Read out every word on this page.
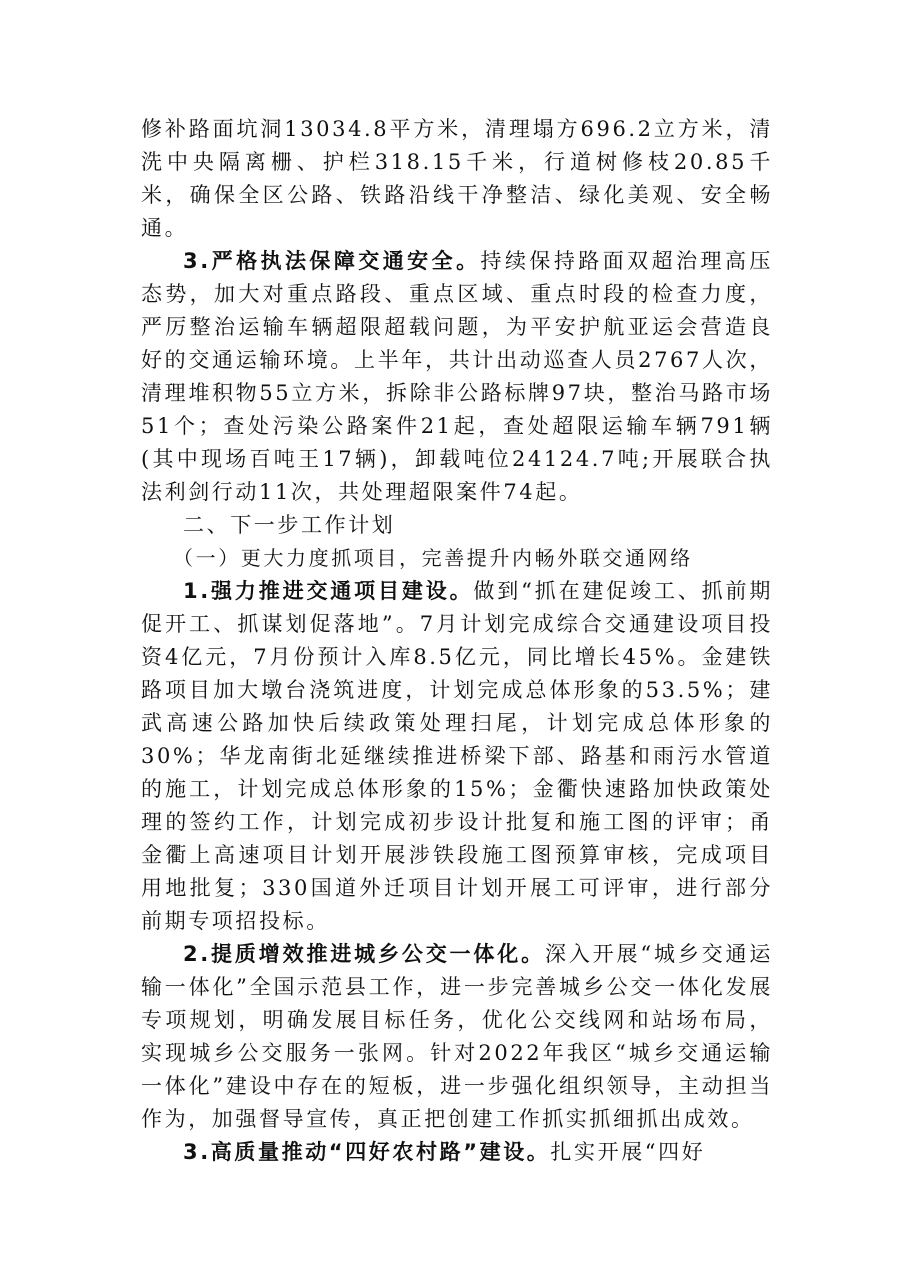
修补路面坑洞13034.8平方米，清理塌方696.2立方米，清洗中央隔离栅、护栏318.15千米，行道树修枝20.85千米，确保全区公路、铁路沿线干净整洁、绿化美观、安全畅通。

3.严格执法保障交通安全。持续保持路面双超治理高压态势，加大对重点路段、重点区域、重点时段的检查力度，严厉整治运输车辆超限超载问题，为平安护航亚运会营造良好的交通运输环境。上半年，共计出动巡查人员2767人次，清理堆积物55立方米，拆除非公路标牌97块，整治马路市场51个；查处污染公路案件21起，查处超限运输车辆791辆(其中现场百吨王17辆)，卸载吨位24124.7吨;开展联合执法利剑行动11次，共处理超限案件74起。

二、下一步工作计划

（一）更大力度抓项目，完善提升内畅外联交通网络

1.强力推进交通项目建设。做到“抓在建促竣工、抓前期促开工、抓谋划促落地”。7月计划完成综合交通建设项目投资4亿元，7月份预计入库8.5亿元，同比增长45%。金建铁路项目加大墩台浇筑进度，计划完成总体形象的53.5%；建武高速公路加快后续政策处理扫尾，计划完成总体形象的30%；华龙南街北延继续推进桥梁下部、路基和雨污水管道的施工，计划完成总体形象的15%；金衢快速路加快政策处理的签约工作，计划完成初步设计批复和施工图的评审；甬金衢上高速项目计划开展涉铁段施工图预算审核，完成项目用地批复；330国道外迁项目计划开展工可评审，进行部分前期专项招投标。

2.提质增效推进城乡公交一体化。深入开展“城乡交通运输一体化”全国示范县工作，进一步完善城乡公交一体化发展专项规划，明确发展目标任务，优化公交线网和站场布局，实现城乡公交服务一张网。针对2022年我区“城乡交通运输一体化”建设中存在的短板，进一步强化组织领导，主动担当作为，加强督导宣传，真正把创建工作抓实抓细抓出成效。

3.高质量推动“四好农村路”建设。扎实开展“四好
